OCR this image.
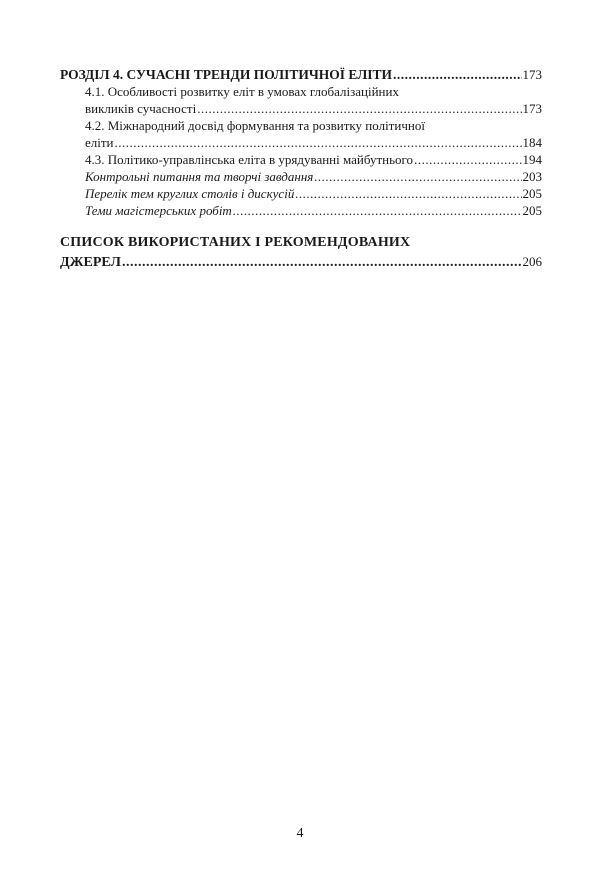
РОЗДІЛ 4. СУЧАСНІ ТРЕНДИ ПОЛІТИЧНОЇ ЕЛІТИ .....	173
4.1. Особливості розвитку еліт в умовах глобалізаційних
викликів сучасності .....	173
4.2. Міжнародний досвід формування та розвитку політичної
еліти .....	184
4.3. Політико-управлінська еліта в урядуванні майбутнього .....	194
Контрольні питання та творчі завдання .....	203
Перелік тем круглих столів і дискусій .....	205
Теми магістерських робіт .....	205
СПИСОК ВИКОРИСТАНИХ І РЕКОМЕНДОВАНИХ
ДЖЕРЕЛ .....	206
4
